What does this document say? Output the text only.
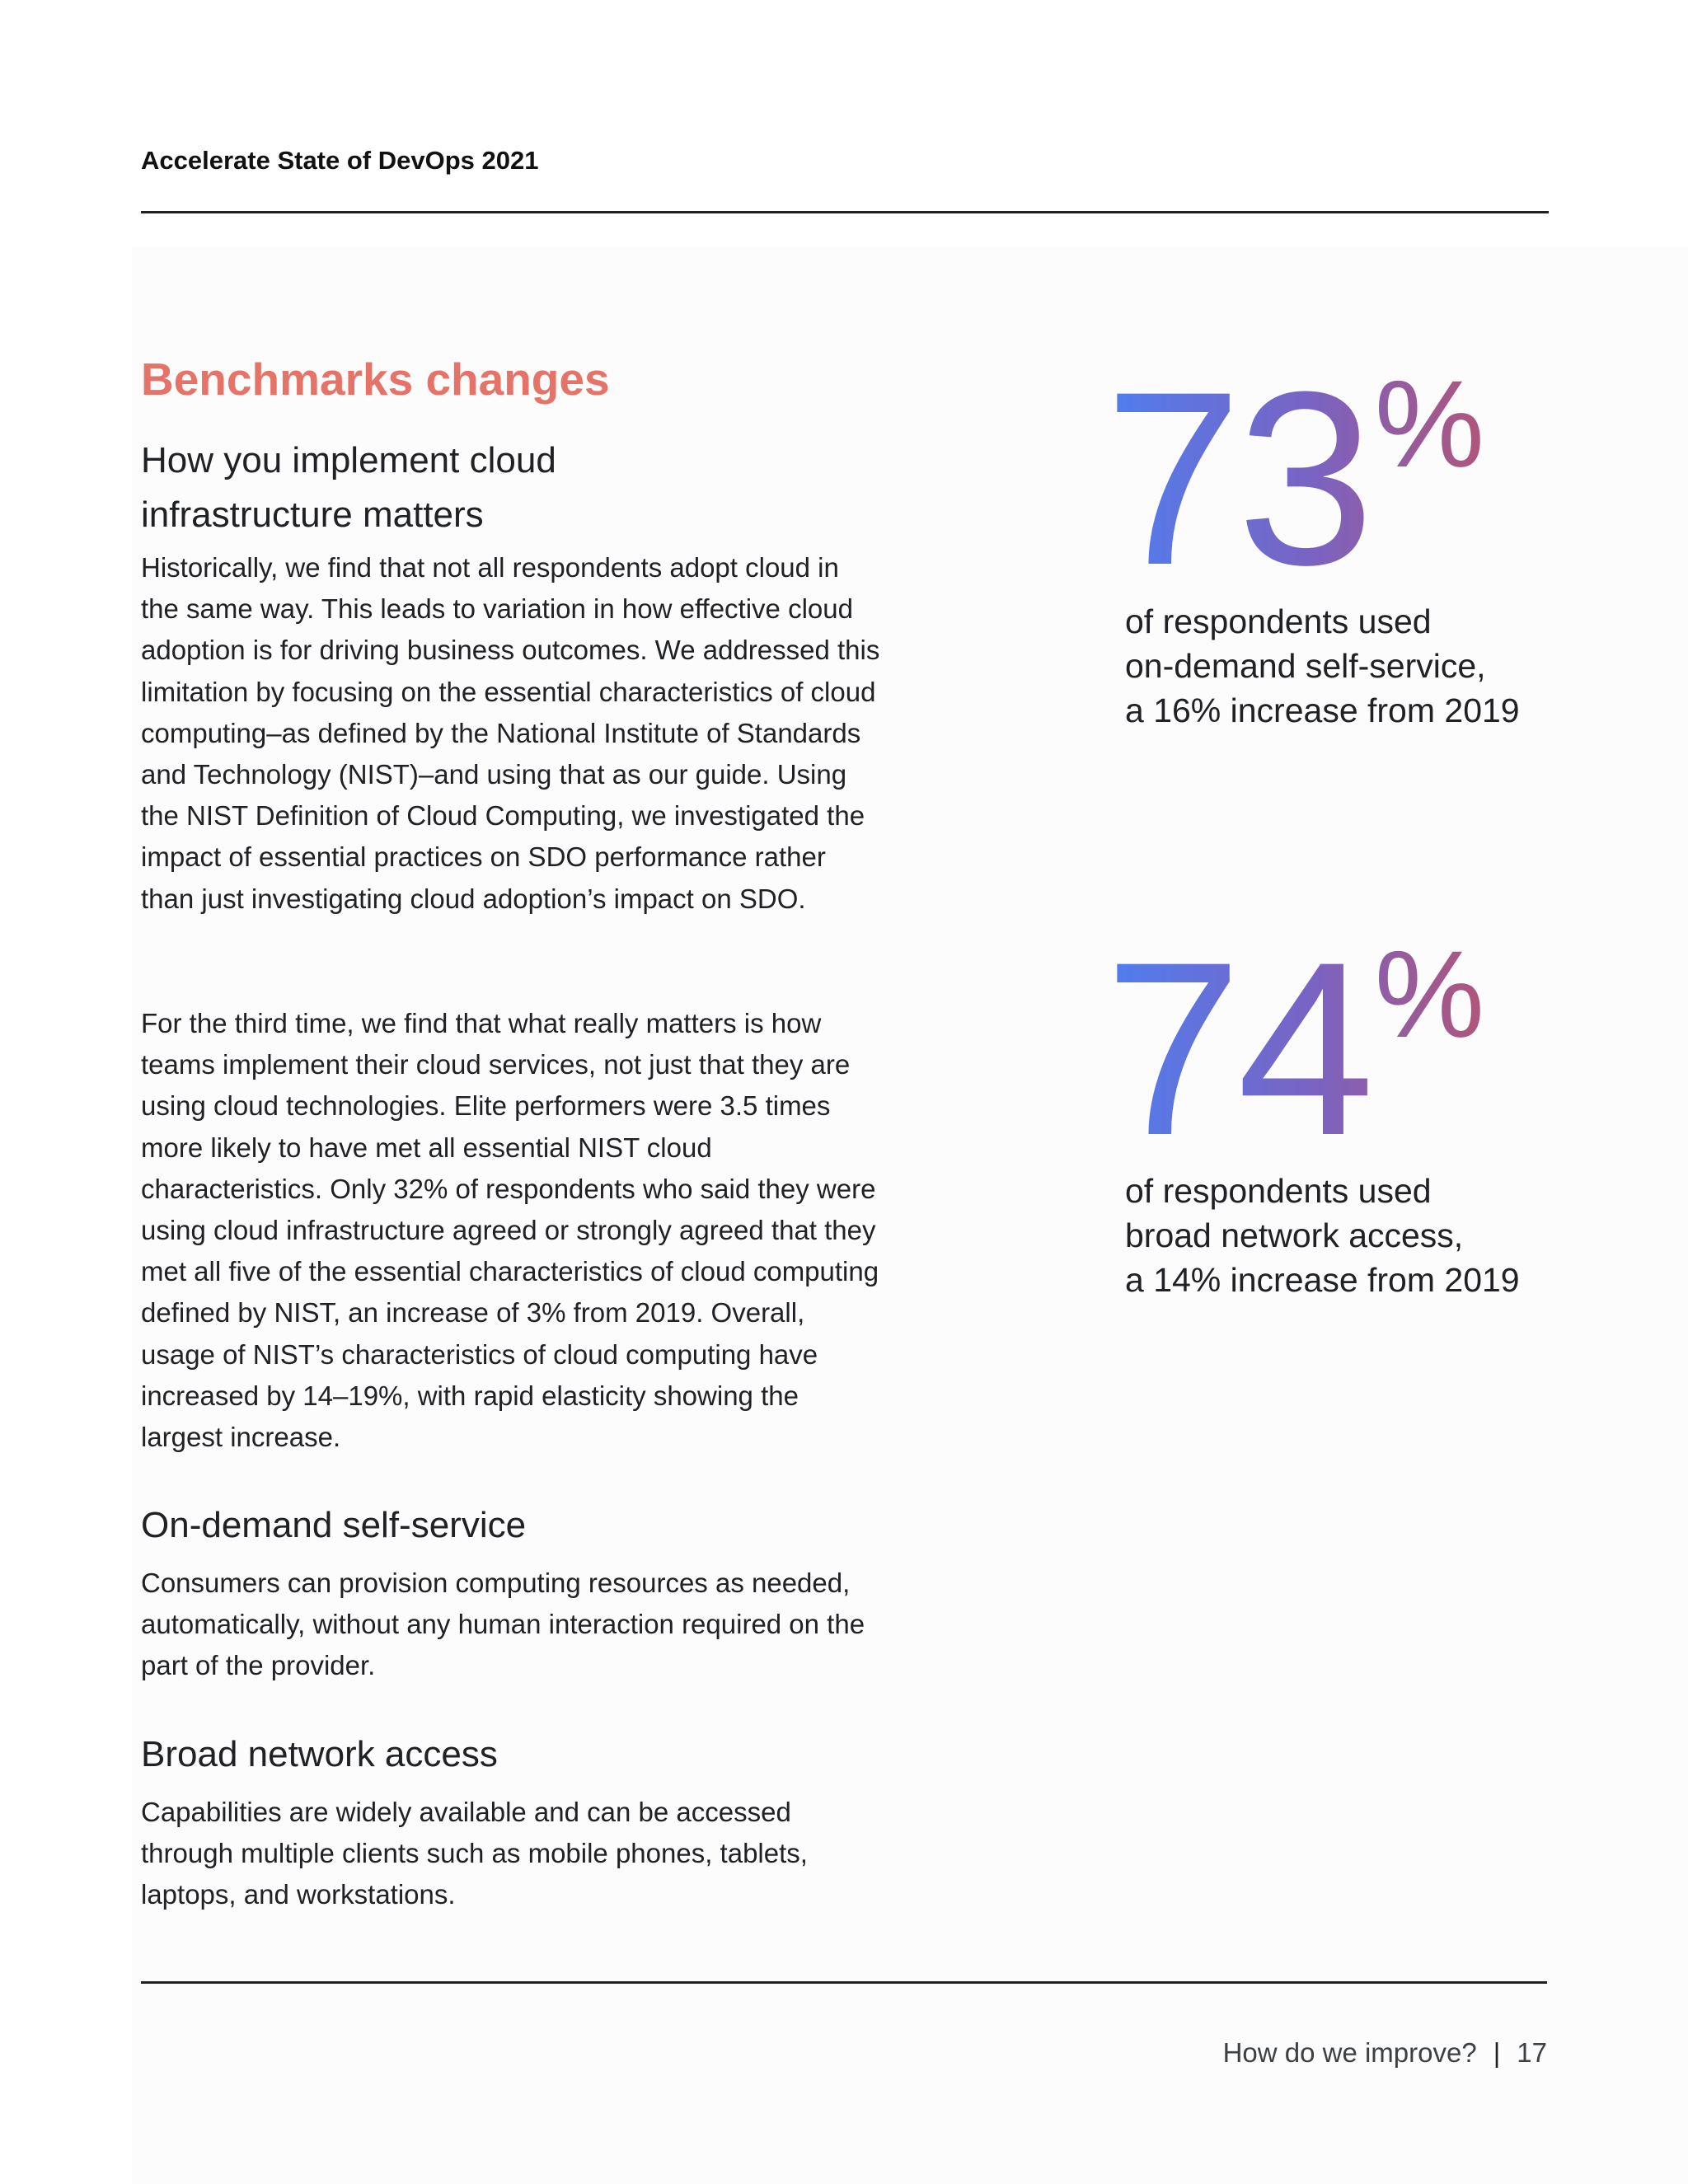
Accelerate State of DevOps 2021
Benchmarks changes
How you implement cloud infrastructure matters
Historically, we find that not all respondents adopt cloud in the same way. This leads to variation in how effective cloud adoption is for driving business outcomes. We addressed this limitation by focusing on the essential characteristics of cloud computing–as defined by the National Institute of Standards and Technology (NIST)–and using that as our guide. Using the NIST Definition of Cloud Computing, we investigated the impact of essential practices on SDO performance rather than just investigating cloud adoption’s impact on SDO.
For the third time, we find that what really matters is how teams implement their cloud services, not just that they are using cloud technologies. Elite performers were 3.5 times more likely to have met all essential NIST cloud characteristics. Only 32% of respondents who said they were using cloud infrastructure agreed or strongly agreed that they met all five of the essential characteristics of cloud computing defined by NIST, an increase of 3% from 2019. Overall, usage of NIST’s characteristics of cloud computing have increased by 14–19%, with rapid elasticity showing the largest increase.
On-demand self-service
Consumers can provision computing resources as needed, automatically, without any human interaction required on the part of the provider.
Broad network access
Capabilities are widely available and can be accessed through multiple clients such as mobile phones, tablets, laptops, and workstations.
73%
of respondents used
on-demand self-service,
a 16% increase from 2019
74%
of respondents used
broad network access,
a 14% increase from 2019
How do we improve? | 17
